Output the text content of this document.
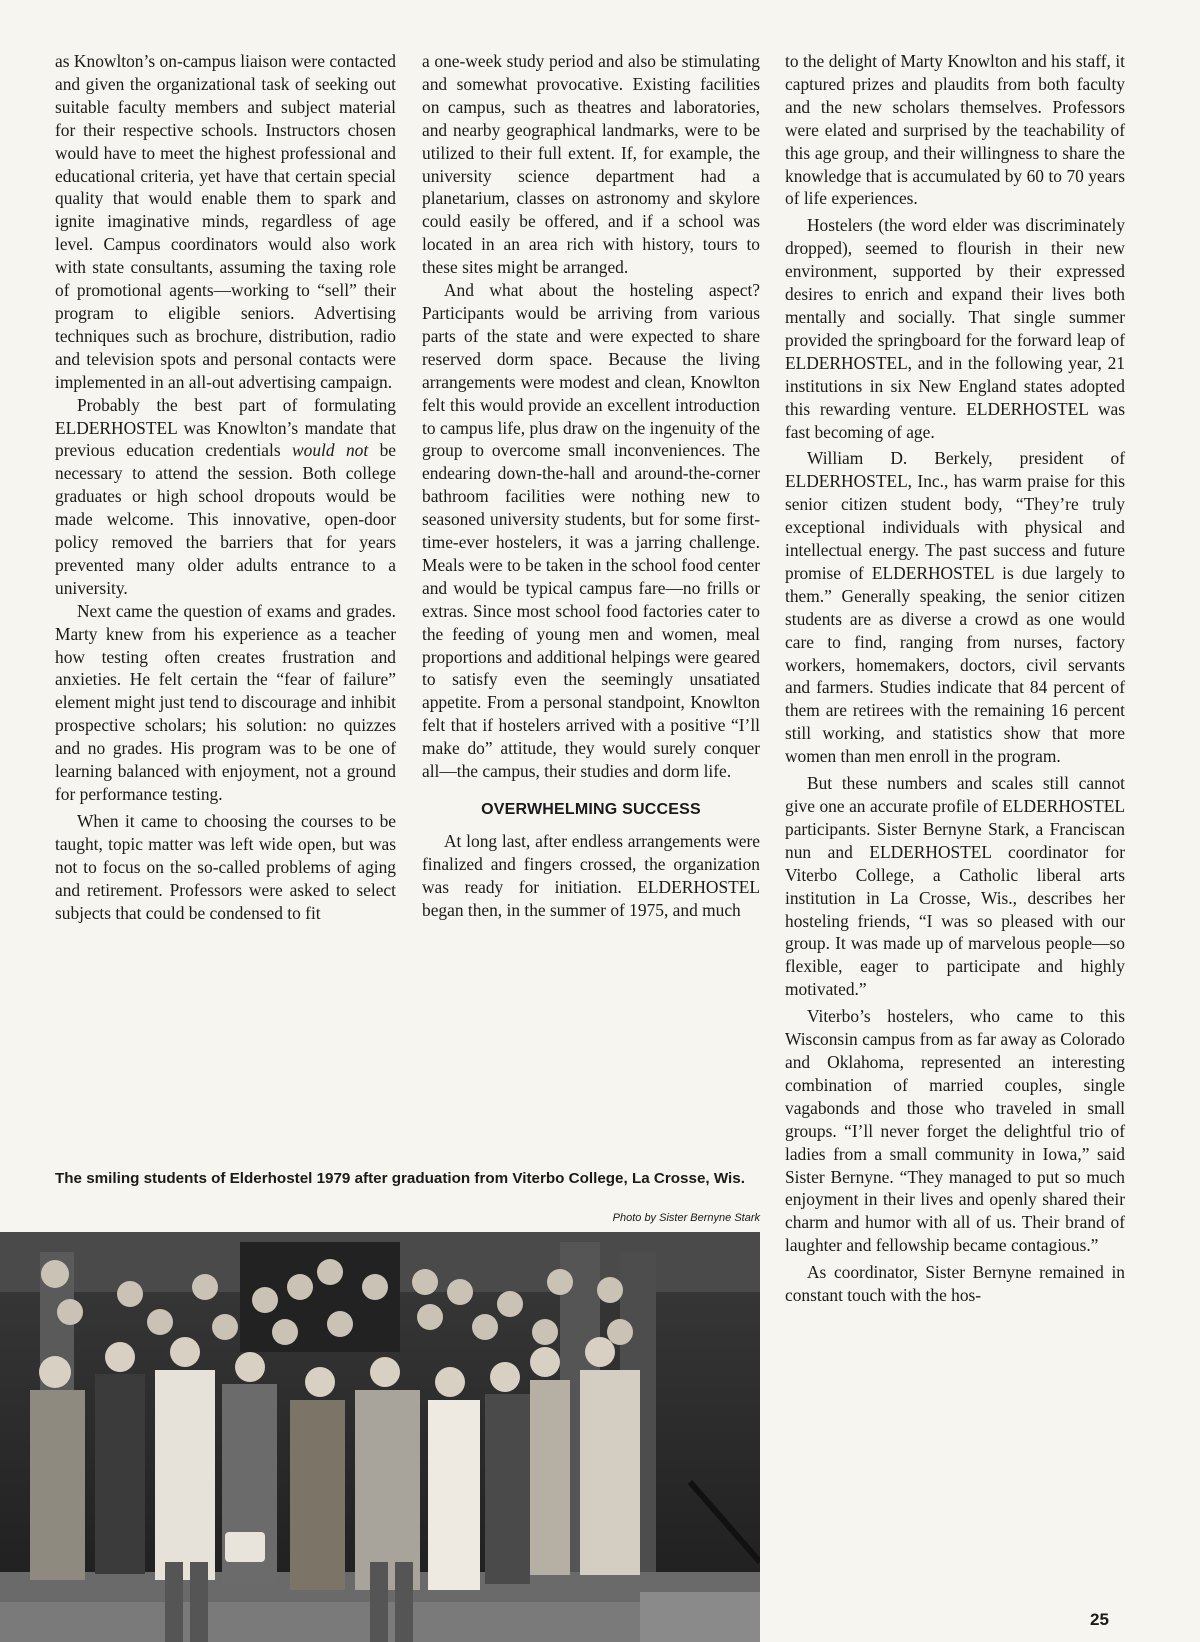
as Knowlton’s on-campus liaison were contacted and given the organizational task of seeking out suitable faculty members and subject material for their respective schools. Instructors chosen would have to meet the highest professional and educational criteria, yet have that certain special quality that would enable them to spark and ignite imaginative minds, regardless of age level. Campus coordinators would also work with state consultants, assuming the taxing role of promotional agents—working to “sell” their program to eligible seniors. Advertising techniques such as brochure, distribution, radio and television spots and personal contacts were implemented in an all-out advertising campaign.

Probably the best part of formulating ELDERHOSTEL was Knowlton’s mandate that previous education credentials would not be necessary to attend the session. Both college graduates or high school dropouts would be made welcome. This innovative, open-door policy removed the barriers that for years prevented many older adults entrance to a university.

Next came the question of exams and grades. Marty knew from his experience as a teacher how testing often creates frustration and anxieties. He felt certain the “fear of failure” element might just tend to discourage and inhibit prospective scholars; his solution: no quizzes and no grades. His program was to be one of learning balanced with enjoyment, not a ground for performance testing.

When it came to choosing the courses to be taught, topic matter was left wide open, but was not to focus on the so-called problems of aging and retirement. Professors were asked to select subjects that could be condensed to fit

a one-week study period and also be stimulating and somewhat provocative. Existing facilities on campus, such as theatres and laboratories, and nearby geographical landmarks, were to be utilized to their full extent. If, for example, the university science department had a planetarium, classes on astronomy and skylore could easily be offered, and if a school was located in an area rich with history, tours to these sites might be arranged.

And what about the hosteling aspect? Participants would be arriving from various parts of the state and were expected to share reserved dorm space. Because the living arrangements were modest and clean, Knowlton felt this would provide an excellent introduction to campus life, plus draw on the ingenuity of the group to overcome small inconveniences. The endearing down-the-hall and around-the-corner bathroom facilities were nothing new to seasoned university students, but for some first-time-ever hostelers, it was a jarring challenge. Meals were to be taken in the school food center and would be typical campus fare—no frills or extras. Since most school food factories cater to the feeding of young men and women, meal proportions and additional helpings were geared to satisfy even the seemingly unsatiated appetite. From a personal standpoint, Knowlton felt that if hostelers arrived with a positive “I’ll make do” attitude, they would surely conquer all—the campus, their studies and dorm life.

OVERWHELMING SUCCESS

At long last, after endless arrangements were finalized and fingers crossed, the organization was ready for initiation. ELDERHOSTEL began then, in the summer of 1975, and much

to the delight of Marty Knowlton and his staff, it captured prizes and plaudits from both faculty and the new scholars themselves. Professors were elated and surprised by the teachability of this age group, and their willingness to share the knowledge that is accumulated by 60 to 70 years of life experiences.

Hostelers (the word elder was discriminately dropped), seemed to flourish in their new environment, supported by their expressed desires to enrich and expand their lives both mentally and socially. That single summer provided the springboard for the forward leap of ELDERHOSTEL, and in the following year, 21 institutions in six New England states adopted this rewarding venture. ELDERHOSTEL was fast becoming of age.

William D. Berkely, president of ELDERHOSTEL, Inc., has warm praise for this senior citizen student body, “They’re truly exceptional individuals with physical and intellectual energy. The past success and future promise of ELDERHOSTEL is due largely to them.” Generally speaking, the senior citizen students are as diverse a crowd as one would care to find, ranging from nurses, factory workers, homemakers, doctors, civil servants and farmers. Studies indicate that 84 percent of them are retirees with the remaining 16 percent still working, and statistics show that more women than men enroll in the program.

But these numbers and scales still cannot give one an accurate profile of ELDERHOSTEL participants. Sister Bernyne Stark, a Franciscan nun and ELDERHOSTEL coordinator for Viterbo College, a Catholic liberal arts institution in La Crosse, Wis., describes her hosteling friends, “I was so pleased with our group. It was made up of marvelous people—so flexible, eager to participate and highly motivated.”

Viterbo’s hostelers, who came to this Wisconsin campus from as far away as Colorado and Oklahoma, represented an interesting combination of married couples, single vagabonds and those who traveled in small groups. “I’ll never forget the delightful trio of ladies from a small community in Iowa,” said Sister Bernyne. “They managed to put so much enjoyment in their lives and openly shared their charm and humor with all of us. Their brand of laughter and fellowship became contagious.”

As coordinator, Sister Bernyne remained in constant touch with the hos-

The smiling students of Elderhostel 1979 after graduation from Viterbo College, La Crosse, Wis.
Photo by Sister Bernyne Stark
25
